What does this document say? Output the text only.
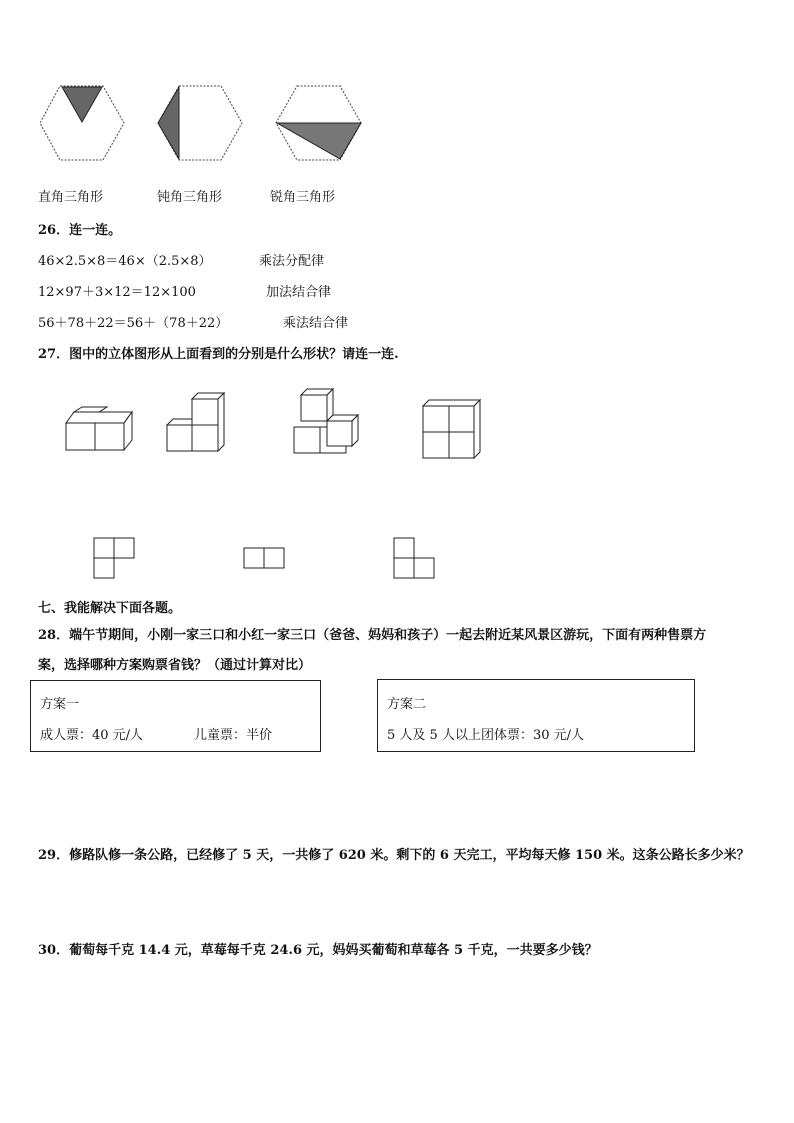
直角三角形	钝角三角形	锐角三角形
26．连一连。
46×2.5×8＝46×（2.5×8）	乘法分配律
12×97＋3×12＝12×100	加法结合律
56＋78＋22＝56＋（78＋22）	乘法结合律
27．图中的立体图形从上面看到的分别是什么形状？请连一连.
七、我能解决下面各题。
28．端午节期间，小刚一家三口和小红一家三口（爸爸、妈妈和孩子）一起去附近某风景区游玩，下面有两种售票方
案，选择哪种方案购票省钱？（通过计算对比）
方案一
成人票：40 元/人	儿童票：半价
方案二
5 人及 5 人以上团体票：30 元/人
29．修路队修一条公路，已经修了 5 天，一共修了 620 米。剩下的 6 天完工，平均每天修 150 米。这条公路长多少米？
30．葡萄每千克 14.4 元，草莓每千克 24.6 元，妈妈买葡萄和草莓各 5 千克，一共要多少钱？
